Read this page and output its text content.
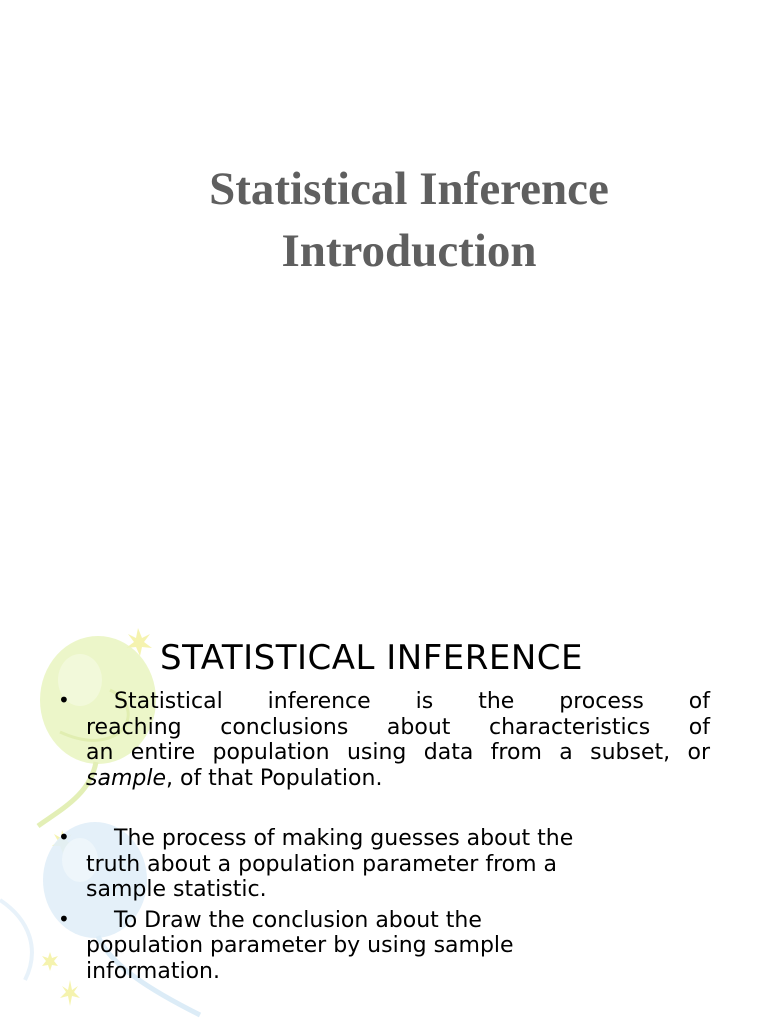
Statistical Inference
Introduction
STATISTICAL INFERENCE
•	Statistical inference is the process of
reaching conclusions about characteristics of
an entire population using data from a subset, or
sample, of that Population.
•	The process of making guesses about the
truth about a population parameter from a
sample statistic.
•	To Draw the conclusion about the
population parameter by using sample
information.
